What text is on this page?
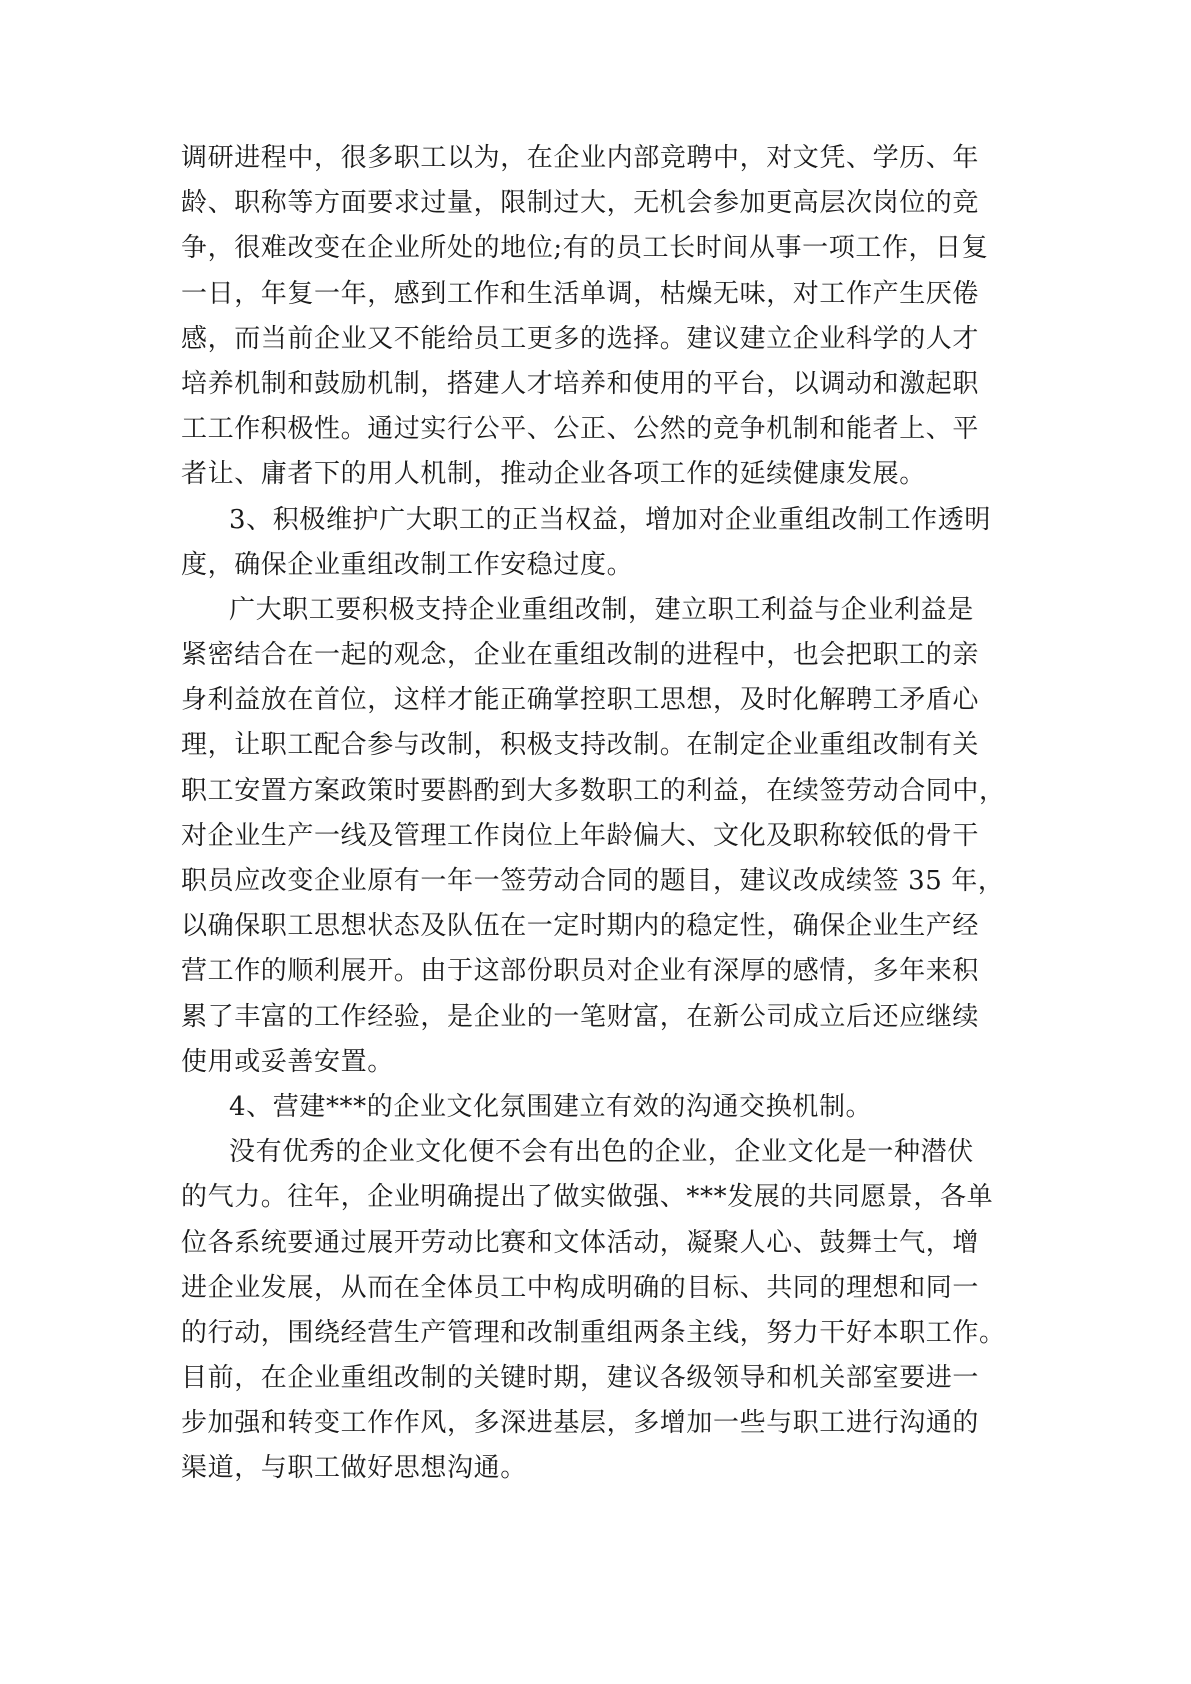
调研进程中，很多职工以为，在企业内部竞聘中，对文凭、学历、年
龄、职称等方面要求过量，限制过大，无机会参加更高层次岗位的竞
争，很难改变在企业所处的地位;有的员工长时间从事一项工作，日复
一日，年复一年，感到工作和生活单调，枯燥无味，对工作产生厌倦
感，而当前企业又不能给员工更多的选择。建议建立企业科学的人才
培养机制和鼓励机制，搭建人才培养和使用的平台，以调动和激起职
工工作积极性。通过实行公平、公正、公然的竞争机制和能者上、平
者让、庸者下的用人机制，推动企业各项工作的延续健康发展。
3、积极维护广大职工的正当权益，增加对企业重组改制工作透明
度，确保企业重组改制工作安稳过度。
广大职工要积极支持企业重组改制，建立职工利益与企业利益是
紧密结合在一起的观念，企业在重组改制的进程中，也会把职工的亲
身利益放在首位，这样才能正确掌控职工思想，及时化解聘工矛盾心
理，让职工配合参与改制，积极支持改制。在制定企业重组改制有关
职工安置方案政策时要斟酌到大多数职工的利益，在续签劳动合同中，
对企业生产一线及管理工作岗位上年龄偏大、文化及职称较低的骨干
职员应改变企业原有一年一签劳动合同的题目，建议改成续签 35 年，
以确保职工思想状态及队伍在一定时期内的稳定性，确保企业生产经
营工作的顺利展开。由于这部份职员对企业有深厚的感情，多年来积
累了丰富的工作经验，是企业的一笔财富，在新公司成立后还应继续
使用或妥善安置。
4、营建***的企业文化氛围建立有效的沟通交换机制。
没有优秀的企业文化便不会有出色的企业，企业文化是一种潜伏
的气力。往年，企业明确提出了做实做强、***发展的共同愿景，各单
位各系统要通过展开劳动比赛和文体活动，凝聚人心、鼓舞士气，增
进企业发展，从而在全体员工中构成明确的目标、共同的理想和同一
的行动，围绕经营生产管理和改制重组两条主线，努力干好本职工作。
目前，在企业重组改制的关键时期，建议各级领导和机关部室要进一
步加强和转变工作作风，多深进基层，多增加一些与职工进行沟通的
渠道，与职工做好思想沟通。
